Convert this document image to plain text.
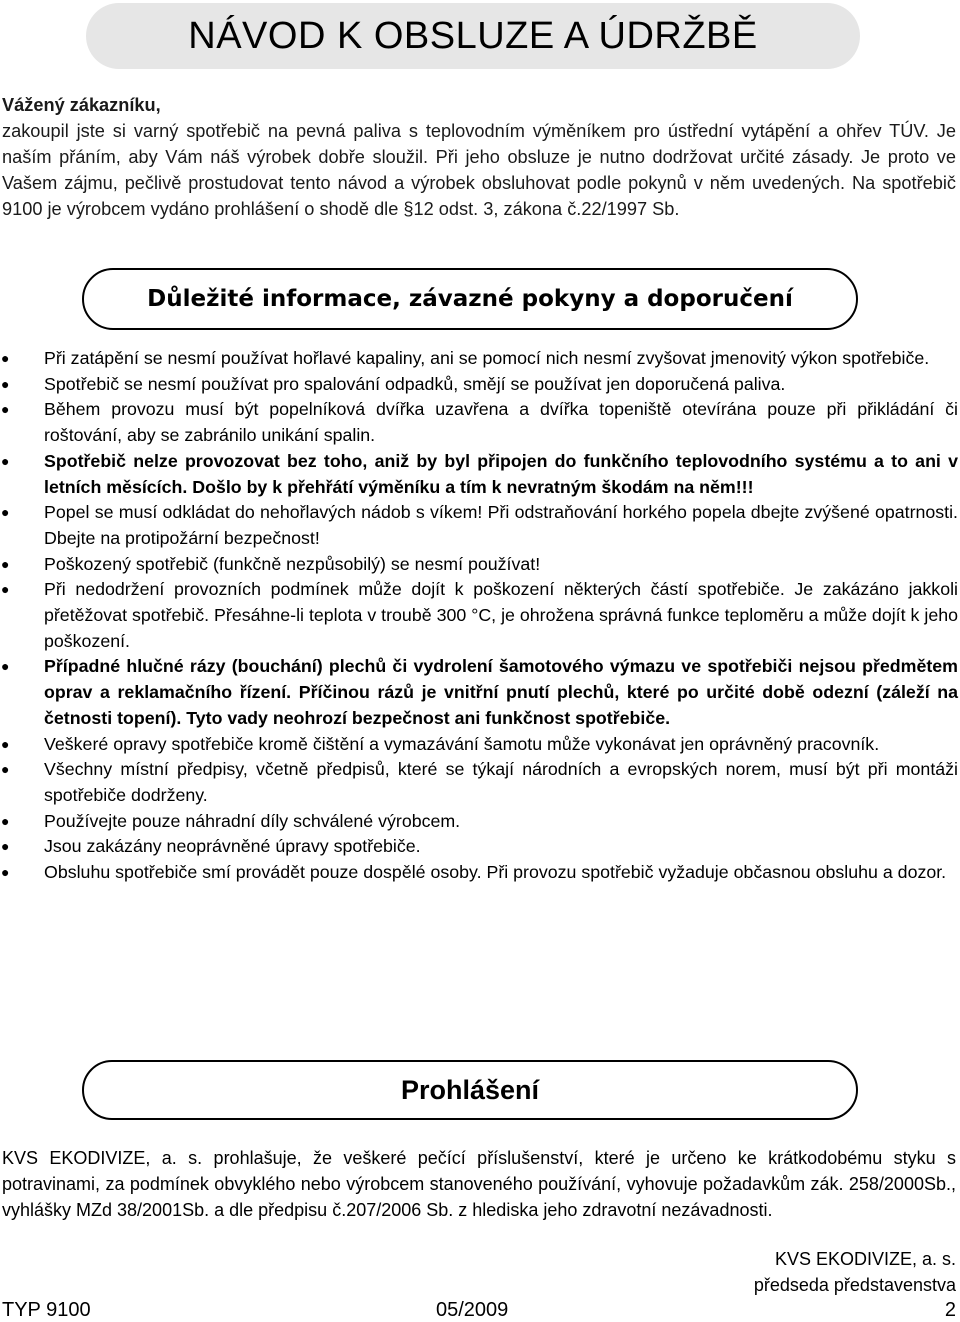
NÁVOD K OBSLUZE A ÚDRŽBĚ
Vážený zákazníku,

zakoupil jste si varný spotřebič na pevná paliva s teplovodním výměníkem pro ústřední vytápění a ohřev TÚV. Je naším přáním, aby Vám náš výrobek dobře sloužil. Při jeho obsluze je nutno dodržovat určité zásady. Je proto ve Vašem zájmu, pečlivě prostudovat tento návod a výrobek obsluhovat podle pokynů v něm uvedených. Na spotřebič 9100 je výrobcem vydáno prohlášení o shodě dle §12 odst. 3, zákona č.22/1997 Sb.

Důležité informace, závazné pokyny a doporučení
● Při zatápění se nesmí používat hořlavé kapaliny, ani se pomocí nich nesmí zvyšovat jmenovitý výkon spotřebiče.
● Spotřebič se nesmí používat pro spalování odpadků, smějí se používat jen doporučená paliva.
● Během provozu musí být popelníková dvířka uzavřena a dvířka topeniště otevírána pouze při přikládání či roštování, aby se zabránilo unikání spalin.
● Spotřebič nelze provozovat bez toho, aniž by byl připojen do funkčního teplovodního systému a to ani v letních měsících. Došlo by k přehřátí výměníku a tím k nevratným škodám na něm!!!
● Popel se musí odkládat do nehořlavých nádob s víkem! Při odstraňování horkého popela dbejte zvýšené opatrnosti. Dbejte na protipožární bezpečnost!
● Poškozený spotřebič (funkčně nezpůsobilý) se nesmí používat!
● Při nedodržení provozních podmínek může dojít k poškození některých částí spotřebiče. Je zakázáno jakkoli přetěžovat spotřebič. Přesáhne-li teplota v troubě 300 °C, je ohrožena správná funkce teploměru a může dojít k jeho poškození.
● Případné hlučné rázy (bouchání) plechů či vydrolení šamotového výmazu ve spotřebiči nejsou předmětem oprav a reklamačního řízení. Příčinou rázů je vnitřní pnutí plechů, které po určité době odezní (záleží na četnosti topení). Tyto vady neohrozí bezpečnost ani funkčnost spotřebiče.
● Veškeré opravy spotřebiče kromě čištění a vymazávání šamotu může vykonávat jen oprávněný pracovník.
● Všechny místní předpisy, včetně předpisů, které se týkají národních a evropských norem, musí být při montáži spotřebiče dodrženy.
● Používejte pouze náhradní díly schválené výrobcem.
● Jsou zakázány neoprávněné úpravy spotřebiče.
● Obsluhu spotřebiče smí provádět pouze dospělé osoby. Při provozu spotřebič vyžaduje občasnou obsluhu a dozor.
Prohlášení

KVS EKODIVIZE, a. s. prohlašuje, že veškeré pečící příslušenství, které je určeno ke krátkodobému styku s potravinami, za podmínek obvyklého nebo výrobcem stanoveného používání, vyhovuje požadavkům zák. 258/2000Sb., vyhlášky MZd 38/2001Sb. a dle předpisu č.207/2006 Sb. z hlediska jeho zdravotní nezávadnosti.

KVS EKODIVIZE, a. s.
předseda představenstva
TYP 9100	05/2009	2
